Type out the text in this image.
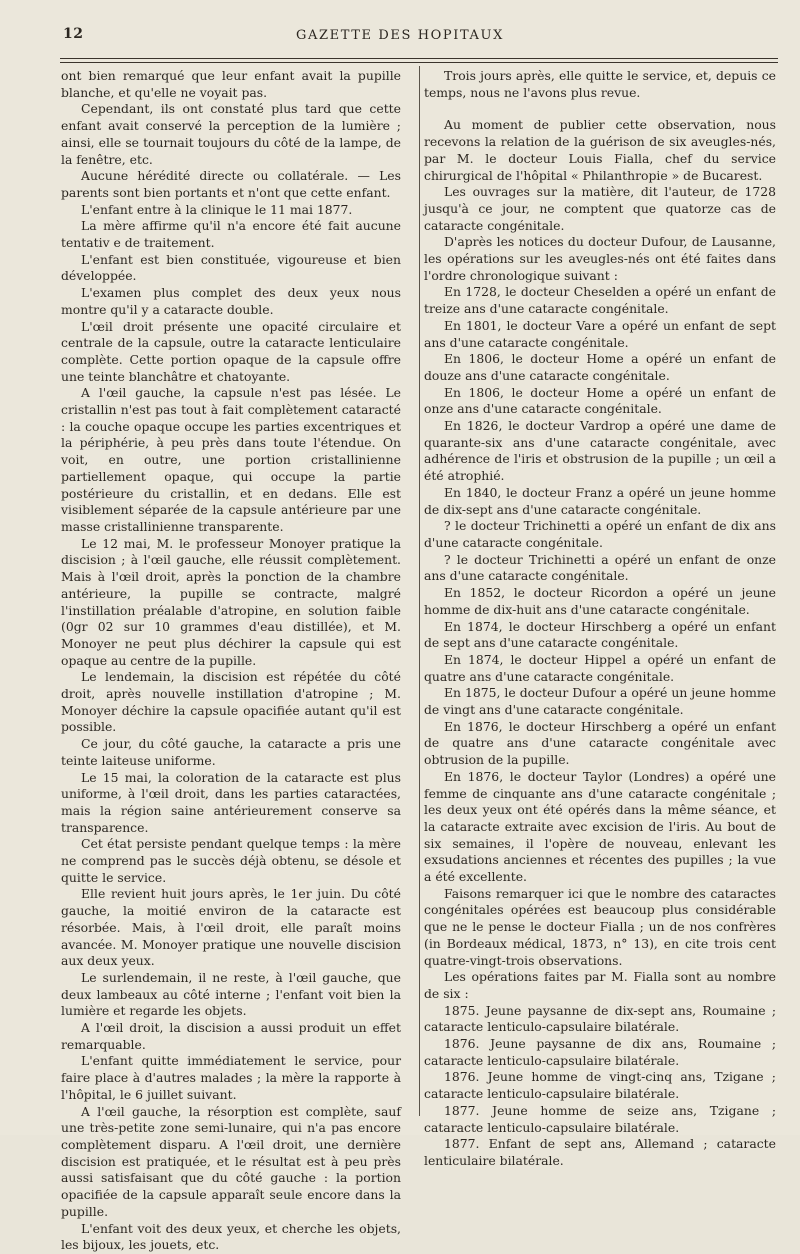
12	GAZETTE DES HOPITAUX

ont bien remarqué que leur enfant avait la pupille blanche, et qu'elle ne voyait pas.

Cependant, ils ont constaté plus tard que cette enfant avait conservé la perception de la lumière ; ainsi, elle se tournait toujours du côté de la lampe, de la fenêtre, etc.

Aucune hérédité directe ou collatérale. — Les parents sont bien portants et n'ont que cette enfant.

L'enfant entre à la clinique le 11 mai 1877.

La mère affirme qu'il n'a encore été fait aucune tentativ e de traitement.

L'enfant est bien constituée, vigoureuse et bien développée.

L'examen plus complet des deux yeux nous montre qu'il y a cataracte double.

L'œil droit présente une opacité circulaire et centrale de la capsule, outre la cataracte lenticulaire complète. Cette portion opaque de la capsule offre une teinte blanchâtre et chatoyante.

A l'œil gauche, la capsule n'est pas lésée. Le cristallin n'est pas tout à fait complètement cataracté : la couche opaque occupe les parties excentriques et la périphérie, à peu près dans toute l'étendue. On voit, en outre, une portion cristallinienne partiellement opaque, qui occupe la partie postérieure du cristallin, et en dedans. Elle est visiblement séparée de la capsule antérieure par une masse cristallinienne transparente.

Le 12 mai, M. le professeur Monoyer pratique la discision ; à l'œil gauche, elle réussit complètement. Mais à l'œil droit, après la ponction de la chambre antérieure, la pupille se contracte, malgré l'instillation préalable d'atropine, en solution faible (0gr 02 sur 10 grammes d'eau distillée), et M. Monoyer ne peut plus déchirer la capsule qui est opaque au centre de la pupille.

Le lendemain, la discision est répétée du côté droit, après nouvelle instillation d'atropine ; M. Monoyer déchire la capsule opacifiée autant qu'il est possible.

Ce jour, du côté gauche, la cataracte a pris une teinte laiteuse uniforme.

Le 15 mai, la coloration de la cataracte est plus uniforme, à l'œil droit, dans les parties cataractées, mais la région saine antérieurement conserve sa transparence.

Cet état persiste pendant quelque temps : la mère ne comprend pas le succès déjà obtenu, se désole et quitte le service.

Elle revient huit jours après, le 1er juin. Du côté gauche, la moitié environ de la cataracte est résorbée. Mais, à l'œil droit, elle paraît moins avancée. M. Monoyer pratique une nouvelle discision aux deux yeux.

Le surlendemain, il ne reste, à l'œil gauche, que deux lambeaux au côté interne ; l'enfant voit bien la lumière et regarde les objets.

A l'œil droit, la discision a aussi produit un effet remarquable.

L'enfant quitte immédiatement le service, pour faire place à d'autres malades ; la mère la rapporte à l'hôpital, le 6 juillet suivant.

A l'œil gauche, la résorption est complète, sauf une très-petite zone semi-lunaire, qui n'a pas encore complètement disparu. A l'œil droit, une dernière discision est pratiquée, et le résultat est à peu près aussi satisfaisant que du côté gauche : la portion opacifiée de la capsule apparaît seule encore dans la pupille.

L'enfant voit des deux yeux, et cherche les objets, les bijoux, les jouets, etc.

Trois jours après, elle quitte le service, et, depuis ce temps, nous ne l'avons plus revue.

Au moment de publier cette observation, nous recevons la relation de la guérison de six aveugles-nés, par M. le docteur Louis Fialla, chef du service chirurgical de l'hôpital « Philanthropie » de Bucarest.

Les ouvrages sur la matière, dit l'auteur, de 1728 jusqu'à ce jour, ne comptent que quatorze cas de cataracte congénitale.

D'après les notices du docteur Dufour, de Lausanne, les opérations sur les aveugles-nés ont été faites dans l'ordre chronologique suivant :

En 1728, le docteur Cheselden a opéré un enfant de treize ans d'une cataracte congénitale.

En 1801, le docteur Vare a opéré un enfant de sept ans d'une cataracte congénitale.

En 1806, le docteur Home a opéré un enfant de douze ans d'une cataracte congénitale.

En 1806, le docteur Home a opéré un enfant de onze ans d'une cataracte congénitale.

En 1826, le docteur Vardrop a opéré une dame de quarante-six ans d'une cataracte congénitale, avec adhérence de l'iris et obstrusion de la pupille ; un œil a été atrophié.

En 1840, le docteur Franz a opéré un jeune homme de dix-sept ans d'une cataracte congénitale.

? le docteur Trichinetti a opéré un enfant de dix ans d'une cataracte congénitale.

? le docteur Trichinetti a opéré un enfant de onze ans d'une cataracte congénitale.

En 1852, le docteur Ricordon a opéré un jeune homme de dix-huit ans d'une cataracte congénitale.

En 1874, le docteur Hirschberg a opéré un enfant de sept ans d'une cataracte congénitale.

En 1874, le docteur Hippel a opéré un enfant de quatre ans d'une cataracte congénitale.

En 1875, le docteur Dufour a opéré un jeune homme de vingt ans d'une cataracte congénitale.

En 1876, le docteur Hirschberg a opéré un enfant de quatre ans d'une cataracte congénitale avec obtrusion de la pupille.

En 1876, le docteur Taylor (Londres) a opéré une femme de cinquante ans d'une cataracte congénitale ; les deux yeux ont été opérés dans la même séance, et la cataracte extraite avec excision de l'iris. Au bout de six semaines, il l'opère de nouveau, enlevant les exsudations anciennes et récentes des pupilles ; la vue a été excellente.

Faisons remarquer ici que le nombre des cataractes congénitales opérées est beaucoup plus considérable que ne le pense le docteur Fialla ; un de nos confrères (in Bordeaux médical, 1873, n° 13), en cite trois cent quatre-vingt-trois observations.

Les opérations faites par M. Fialla sont au nombre de six :

1875. Jeune paysanne de dix-sept ans, Roumaine ; cataracte lenticulo-capsulaire bilatérale.

1876. Jeune paysanne de dix ans, Roumaine ; cataracte lenticulo-capsulaire bilatérale.

1876. Jeune homme de vingt-cinq ans, Tzigane ; cataracte lenticulo-capsulaire bilatérale.

1877. Jeune homme de seize ans, Tzigane ; cataracte lenticulo-capsulaire bilatérale.

1877. Enfant de sept ans, Allemand ; cataracte lenticulaire bilatérale.
